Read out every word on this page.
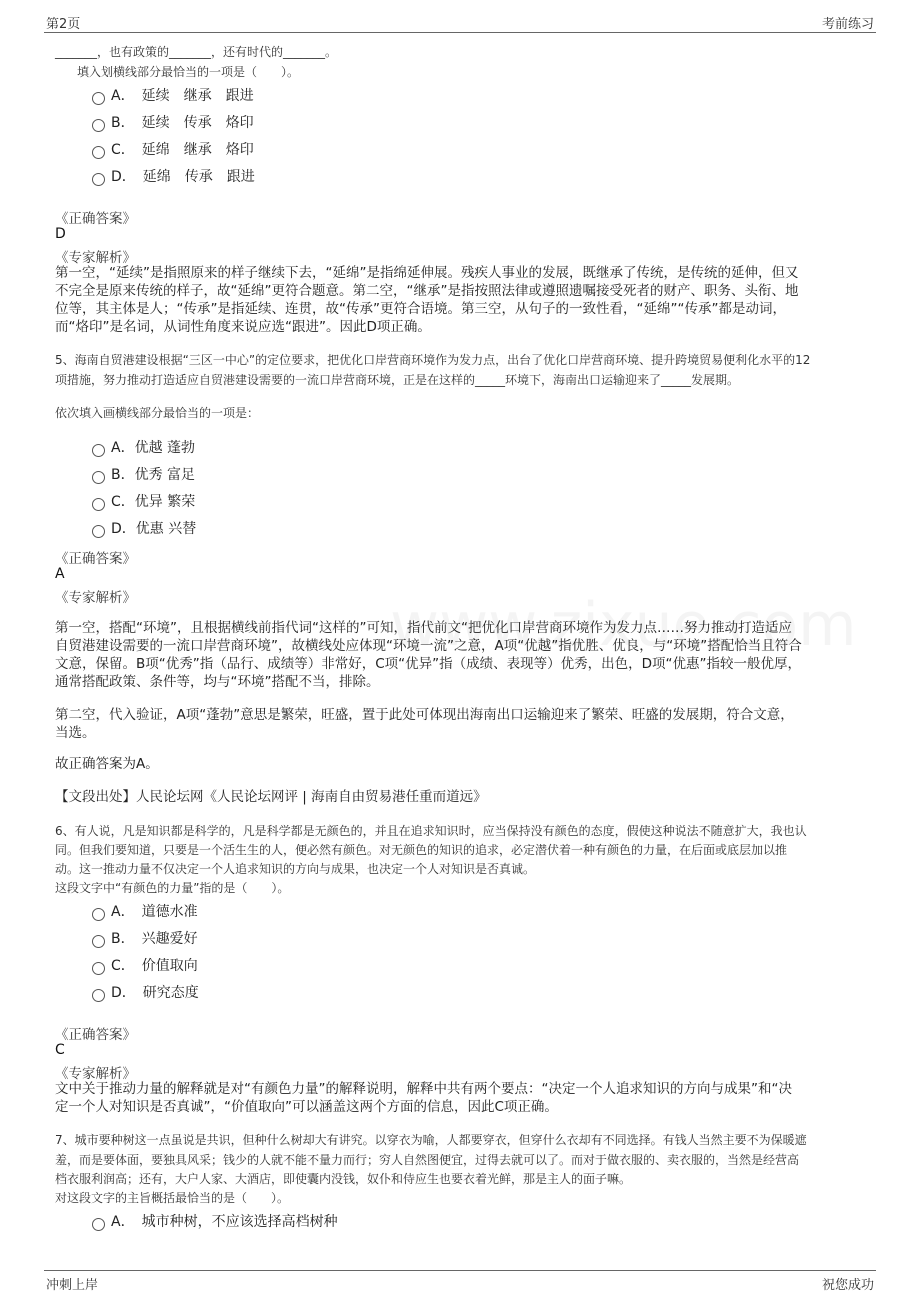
第2页	考前练习

_______，也有政策的_______，还有时代的_______。

填入划横线部分最恰当的一项是（　　）。

A．　延续　继承　跟进
B．　延续　传承　烙印
C．　延绵　继承　烙印
D．　延绵　传承　跟进

《正确答案》

D

《专家解析》

第一空，“延续”是指照原来的样子继续下去，“延绵”是指绵延伸展。残疾人事业的发展，既继承了传统，是传统的延伸，但又

不完全是原来传统的样子，故“延绵”更符合题意。第二空，“继承”是指按照法律或遵照遗嘱接受死者的财产、职务、头衔、地

位等，其主体是人；“传承”是指延续、连贯，故“传承”更符合语境。第三空，从句子的一致性看，“延绵”“传承”都是动词，

而“烙印”是名词，从词性角度来说应选“跟进”。因此D项正确。

5、海南自贸港建设根据“三区一中心”的定位要求，把优化口岸营商环境作为发力点，出台了优化口岸营商环境、提升跨境贸易便利化水平的12

项措施，努力推动打造适应自贸港建设需要的一流口岸营商环境，正是在这样的_____环境下，海南出口运输迎来了_____发展期。

依次填入画横线部分最恰当的一项是：

A．优越 蓬勃
B．优秀 富足
C．优异 繁荣
D．优惠 兴替

《正确答案》

A

《专家解析》

第一空，搭配“环境”，且根据横线前指代词“这样的”可知，指代前文“把优化口岸营商环境作为发力点……努力推动打造适应

自贸港建设需要的一流口岸营商环境”，故横线处应体现“环境一流”之意，A项“优越”指优胜、优良，与“环境”搭配恰当且符合

文意，保留。B项“优秀”指（品行、成绩等）非常好，C项“优异”指（成绩、表现等）优秀，出色，D项“优惠”指较一般优厚，

通常搭配政策、条件等，均与“环境”搭配不当，排除。

第二空，代入验证，A项“蓬勃”意思是繁荣，旺盛，置于此处可体现出海南出口运输迎来了繁荣、旺盛的发展期，符合文意，

当选。

故正确答案为A。

【文段出处】人民论坛网《人民论坛网评 | 海南自由贸易港任重而道远》

6、有人说，凡是知识都是科学的，凡是科学都是无颜色的，并且在追求知识时，应当保持没有颜色的态度，假使这种说法不随意扩大，我也认

同。但我们要知道，只要是一个活生生的人，便必然有颜色。对无颜色的知识的追求，必定潜伏着一种有颜色的力量，在后面或底层加以推

动。这一推动力量不仅决定一个人追求知识的方向与成果，也决定一个人对知识是否真诚。

这段文字中“有颜色的力量”指的是（　　）。

A．　道德水准
B．　兴趣爱好
C．　价值取向
D．　研究态度

《正确答案》

C

《专家解析》

文中关于推动力量的解释就是对“有颜色力量”的解释说明，解释中共有两个要点：“决定一个人追求知识的方向与成果”和“决

定一个人对知识是否真诚”，“价值取向”可以涵盖这两个方面的信息，因此C项正确。

7、城市要种树这一点虽说是共识，但种什么树却大有讲究。以穿衣为喻，人都要穿衣，但穿什么衣却有不同选择。有钱人当然主要不为保暖遮

羞，而是要体面，要独具风采；钱少的人就不能不量力而行；穷人自然图便宜，过得去就可以了。而对于做衣服的、卖衣服的，当然是经营高

档衣服利润高；还有，大户人家、大酒店，即使囊内没钱，奴仆和侍应生也要衣着光鲜，那是主人的面子嘛。

对这段文字的主旨概括最恰当的是（　　）。

A．　城市种树，不应该选择高档树种
冲刺上岸	祝您成功
